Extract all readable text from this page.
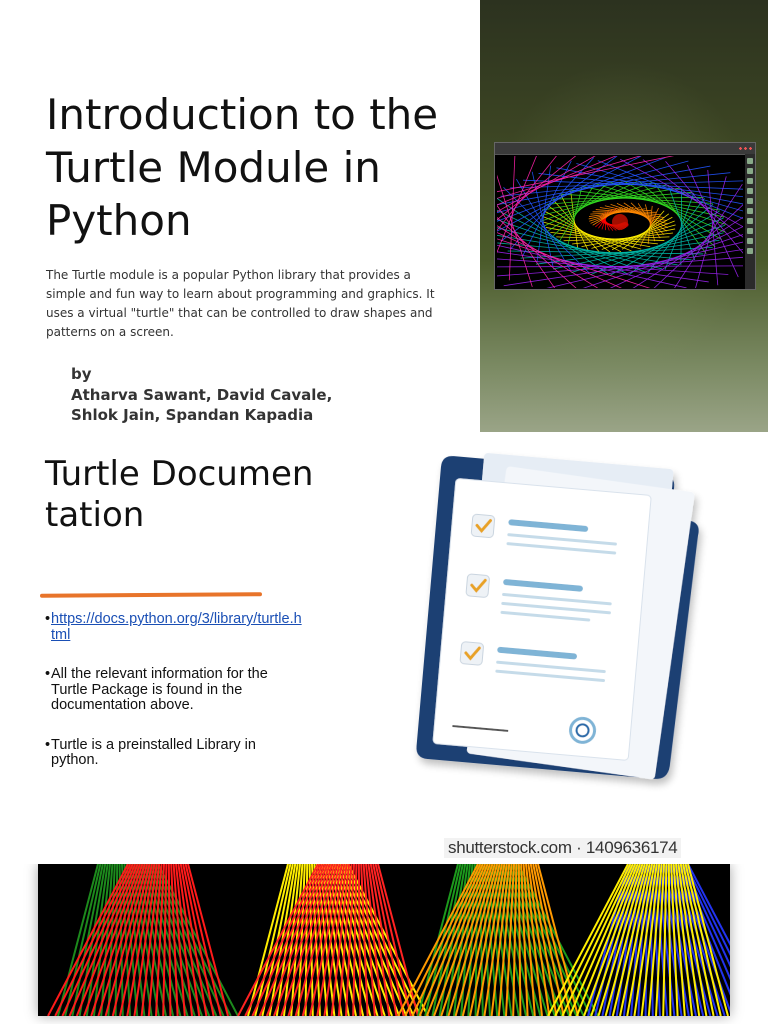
Introduction to the Turtle Module in Python

The Turtle module is a popular Python library that provides a simple and fun way to learn about programming and graphics. It uses a virtual "turtle" that can be controlled to draw shapes and patterns on a screen.

by
Atharva Sawant, David Cavale,
Shlok Jain, Spandan Kapadia
Turtle Documentation
• https://docs.python.org/3/library/turtle.html
• All the relevant information for the Turtle Package is found in the documentation above.
• Turtle is a preinstalled Library in python.
shutterstock.com · 1409636174
